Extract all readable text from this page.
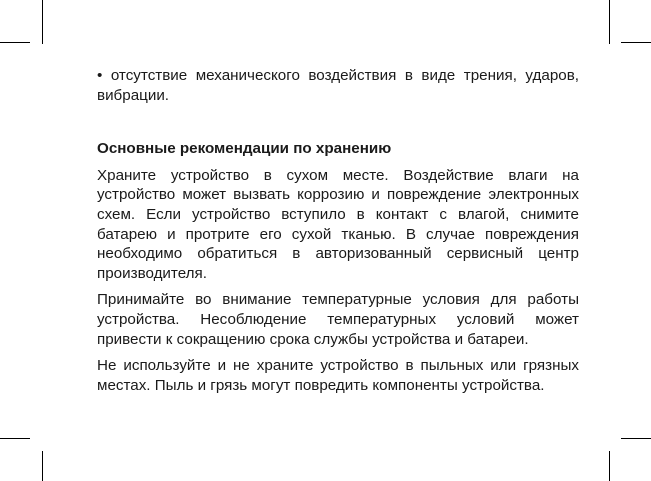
• отсутствие механического воздействия в виде трения, ударов, вибрации.

Основные рекомендации по хранению

Храните устройство в сухом месте. Воздействие влаги на устройство может вызвать коррозию и повреждение электронных схем. Если устройство вступило в контакт с влагой, снимите батарею и протрите его сухой тканью. В случае повреждения необходимо обратиться в авторизованный сервисный центр производителя.

Принимайте во внимание температурные условия для работы устройства. Несоблюдение температурных условий может привести к сокращению срока службы устройства и батареи.

Не используйте и не храните устройство в пыльных или грязных местах. Пыль и грязь могут повредить компоненты устройства.
